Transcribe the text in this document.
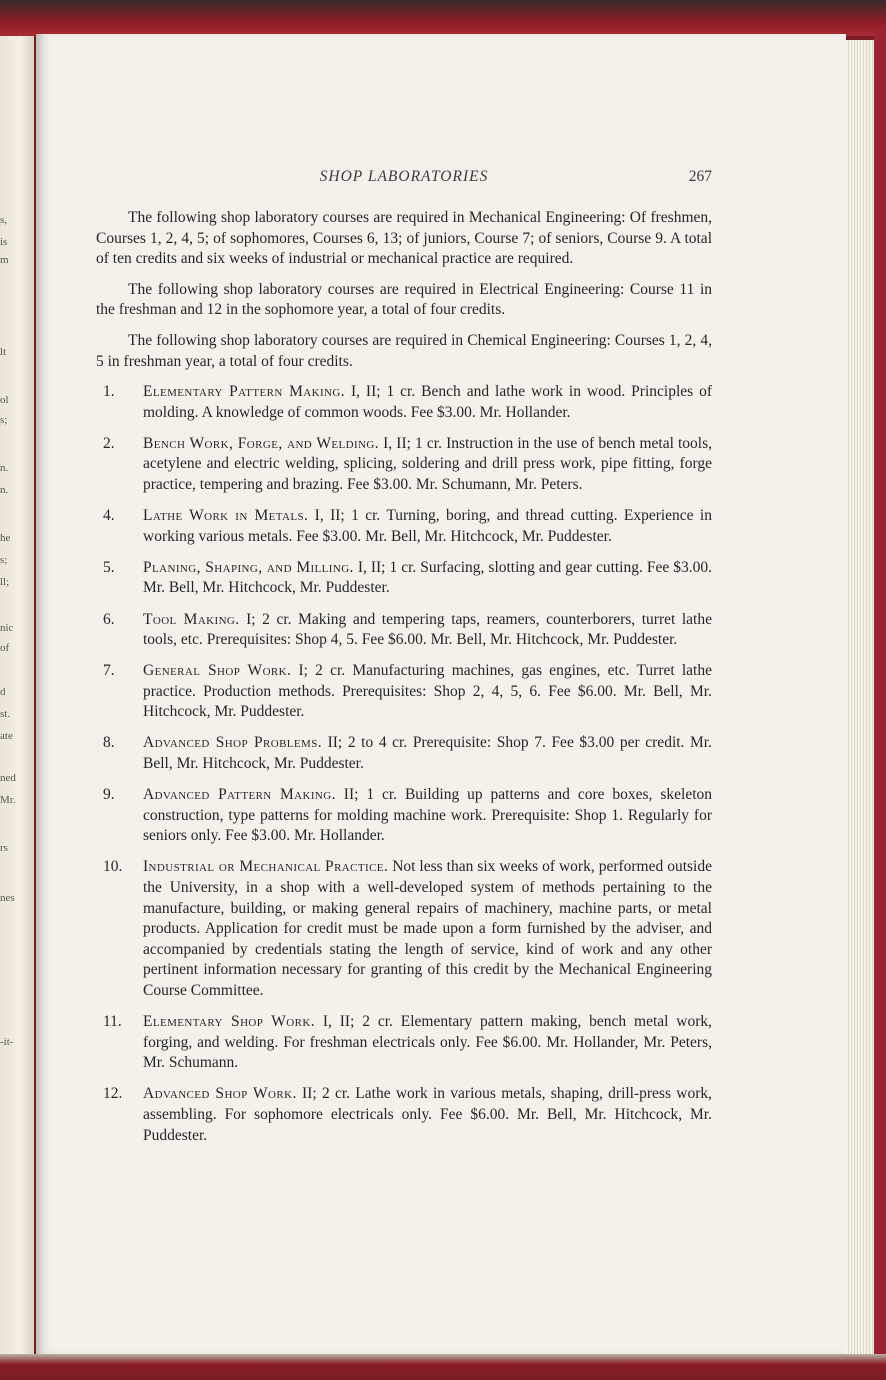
s,
is
m
lt
ol
s;
n.
n.
he
s;
ll;
nic
of
d
st.
ate
ned
Mr.
rs
nes
-it-
SHOP LABORATORIES	267

The following shop laboratory courses are required in Mechanical Engineering: Of freshmen, Courses 1, 2, 4, 5; of sophomores, Courses 6, 13; of juniors, Course 7; of seniors, Course 9. A total of ten credits and six weeks of industrial or mechanical practice are required.

The following shop laboratory courses are required in Electrical Engineering: Course 11 in the freshman and 12 in the sophomore year, a total of four credits.

The following shop laboratory courses are required in Chemical Engineering: Courses 1, 2, 4, 5 in freshman year, a total of four credits.

1. Elementary Pattern Making. I, II; 1 cr. Bench and lathe work in wood. Principles of molding. A knowledge of common woods. Fee $3.00. Mr. Hollander.
2. Bench Work, Forge, and Welding. I, II; 1 cr. Instruction in the use of bench metal tools, acetylene and electric welding, splicing, soldering and drill press work, pipe fitting, forge practice, tempering and brazing. Fee $3.00. Mr. Schumann, Mr. Peters.
4. Lathe Work in Metals. I, II; 1 cr. Turning, boring, and thread cutting. Experience in working various metals. Fee $3.00. Mr. Bell, Mr. Hitchcock, Mr. Puddester.
5. Planing, Shaping, and Milling. I, II; 1 cr. Surfacing, slotting and gear cutting. Fee $3.00. Mr. Bell, Mr. Hitchcock, Mr. Puddester.
6. Tool Making. I; 2 cr. Making and tempering taps, reamers, counterborers, turret lathe tools, etc. Prerequisites: Shop 4, 5. Fee $6.00. Mr. Bell, Mr. Hitchcock, Mr. Puddester.
7. General Shop Work. I; 2 cr. Manufacturing machines, gas engines, etc. Turret lathe practice. Production methods. Prerequisites: Shop 2, 4, 5, 6. Fee $6.00. Mr. Bell, Mr. Hitchcock, Mr. Puddester.
8. Advanced Shop Problems. II; 2 to 4 cr. Prerequisite: Shop 7. Fee $3.00 per credit. Mr. Bell, Mr. Hitchcock, Mr. Puddester.
9. Advanced Pattern Making. II; 1 cr. Building up patterns and core boxes, skeleton construction, type patterns for molding machine work. Prerequisite: Shop 1. Regularly for seniors only. Fee $3.00. Mr. Hollander.
10. Industrial or Mechanical Practice. Not less than six weeks of work, performed outside the University, in a shop with a well-developed system of methods pertaining to the manufacture, building, or making general repairs of machinery, machine parts, or metal products. Application for credit must be made upon a form furnished by the adviser, and accompanied by credentials stating the length of service, kind of work and any other pertinent information necessary for granting of this credit by the Mechanical Engineering Course Committee.
11. Elementary Shop Work. I, II; 2 cr. Elementary pattern making, bench metal work, forging, and welding. For freshman electricals only. Fee $6.00. Mr. Hollander, Mr. Peters, Mr. Schumann.
12. Advanced Shop Work. II; 2 cr. Lathe work in various metals, shaping, drill-press work, assembling. For sophomore electricals only. Fee $6.00. Mr. Bell, Mr. Hitchcock, Mr. Puddester.
